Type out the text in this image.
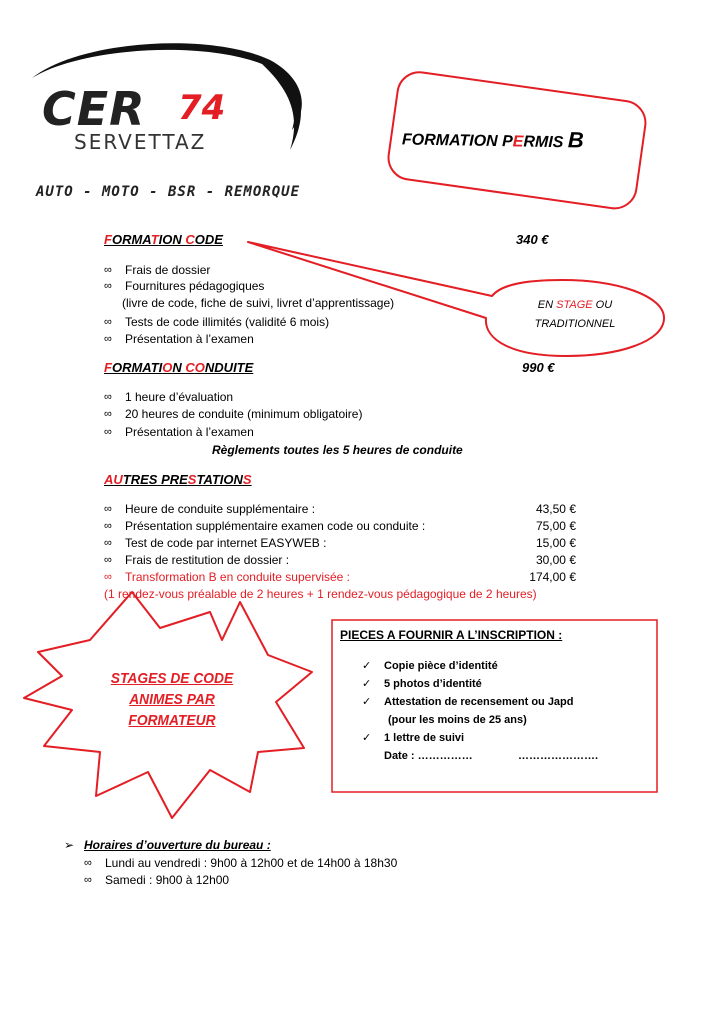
CER 74
SERVETTAZ
AUTO - MOTO - BSR - REMORQUE
FORMATION PERMIS B
EN STAGE OU
TRADITIONNEL
FORMATION CODE	340 €
∞ Frais de dossier
∞ Fournitures pédagogiques
(livre de code, fiche de suivi, livret d’apprentissage)
∞ Tests de code illimités (validité 6 mois)
∞ Présentation à l’examen
FORMATION CONDUITE	990 €
∞ 1 heure d’évaluation
∞ 20 heures de conduite (minimum obligatoire)
∞ Présentation à l’examen
Règlements toutes les 5 heures de conduite
AUTRES PRESTATIONS
∞ Heure de conduite supplémentaire :	43,50 €
∞ Présentation supplémentaire examen code ou conduite :	75,00 €
∞ Test de code par internet EASYWEB :	15,00 €
∞ Frais de restitution de dossier :	30,00 €
∞ Transformation B en conduite supervisée :	174,00 €
(1 rendez-vous préalable de 2 heures + 1 rendez-vous pédagogique de 2 heures)
STAGES DE CODE
ANIMES PAR
FORMATEUR
PIECES A FOURNIR A L’INSCRIPTION :
✓ Copie pièce d’identité
✓ 5 photos d’identité
✓ Attestation de recensement ou Japd
(pour les moins de 25 ans)
✓ 1 lettre de suivi
Date : ……………	………………….
➢ Horaires d’ouverture du bureau :
∞ Lundi au vendredi : 9h00 à 12h00 et de 14h00 à 18h30
∞ Samedi : 9h00 à 12h00
